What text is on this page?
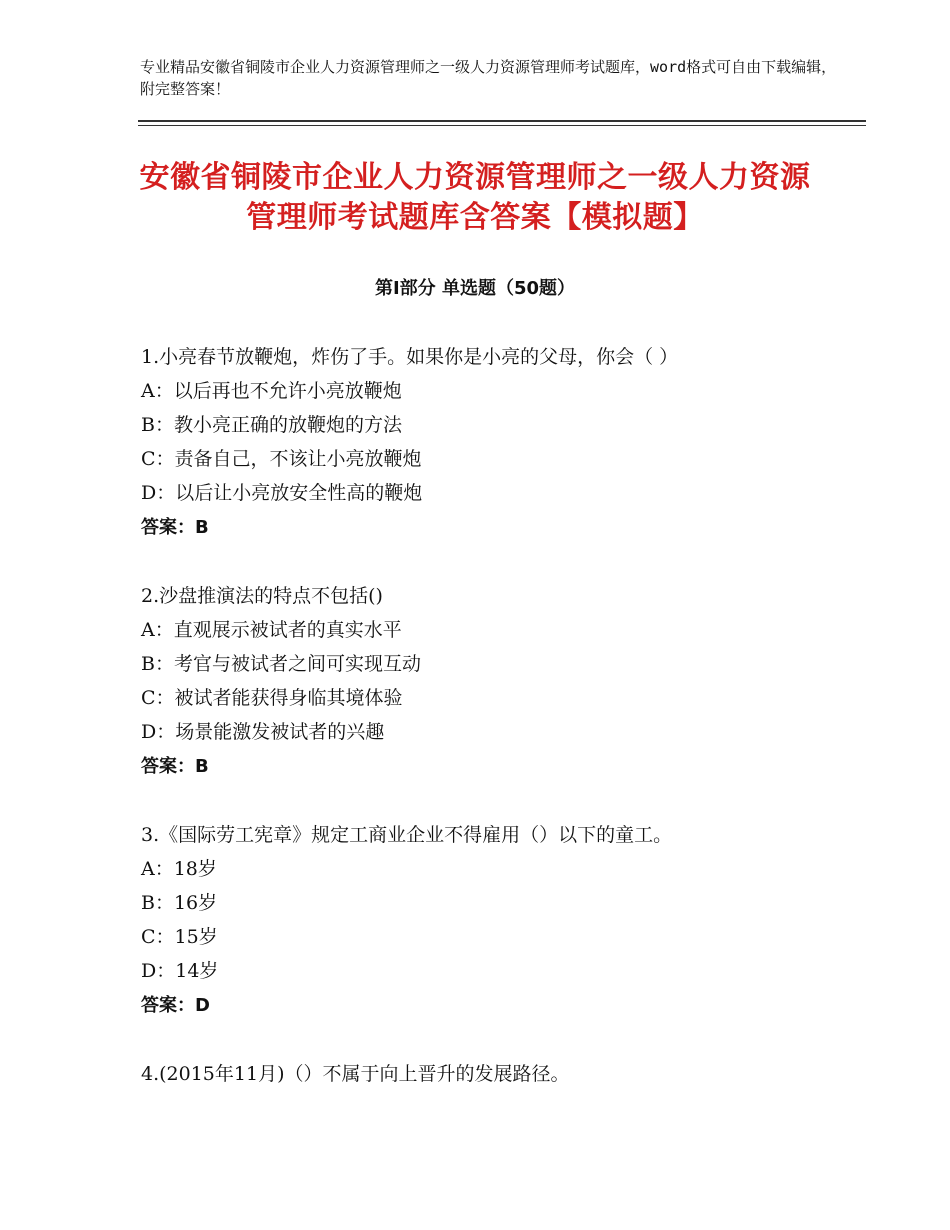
专业精品安徽省铜陵市企业人力资源管理师之一级人力资源管理师考试题库，word格式可自由下载编辑，附完整答案！
安徽省铜陵市企业人力资源管理师之一级人力资源管理师考试题库含答案【模拟题】
第Ⅰ部分 单选题（50题）
1.小亮春节放鞭炮，炸伤了手。如果你是小亮的父母，你会（ ）
A：以后再也不允许小亮放鞭炮
B：教小亮正确的放鞭炮的方法
C：责备自己，不该让小亮放鞭炮
D：以后让小亮放安全性高的鞭炮
答案：B
2.沙盘推演法的特点不包括()
A：直观展示被试者的真实水平
B：考官与被试者之间可实现互动
C：被试者能获得身临其境体验
D：场景能激发被试者的兴趣
答案：B
3.《国际劳工宪章》规定工商业企业不得雇用（）以下的童工。
A：18岁
B：16岁
C：15岁
D：14岁
答案：D
4.(2015年11月)（）不属于向上晋升的发展路径。
